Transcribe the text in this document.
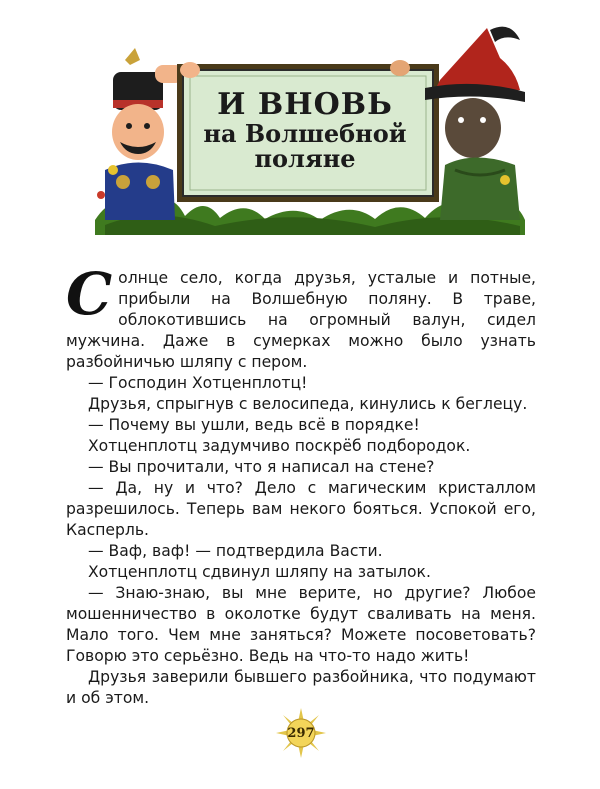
И ВНОВЬ
на Волшебной
поляне

Солнце село, когда друзья, усталые и потные, прибыли на Волшебную поляну. В траве, облокотившись на огромный валун, сидел мужчина. Даже в сумерках можно было узнать разбойничью шляпу с пером.

— Господин Хотценплотц!

Друзья, спрыгнув с велосипеда, кинулись к беглецу.

— Почему вы ушли, ведь всё в порядке!

Хотценплотц задумчиво поскрёб подбородок.

— Вы прочитали, что я написал на стене?

— Да, ну и что? Дело с магическим кристаллом разрешилось. Теперь вам некого бояться. Успокой его, Касперль.

— Ваф, ваф! — подтвердила Васти.

Хотценплотц сдвинул шляпу на затылок.

— Знаю-знаю, вы мне верите, но другие? Любое мошенничество в околотке будут сваливать на меня. Мало того. Чем мне заняться? Можете посоветовать? Говорю это серьёзно. Ведь на что-то надо жить!

Друзья заверили бывшего разбойника, что подумают и об этом.

297
